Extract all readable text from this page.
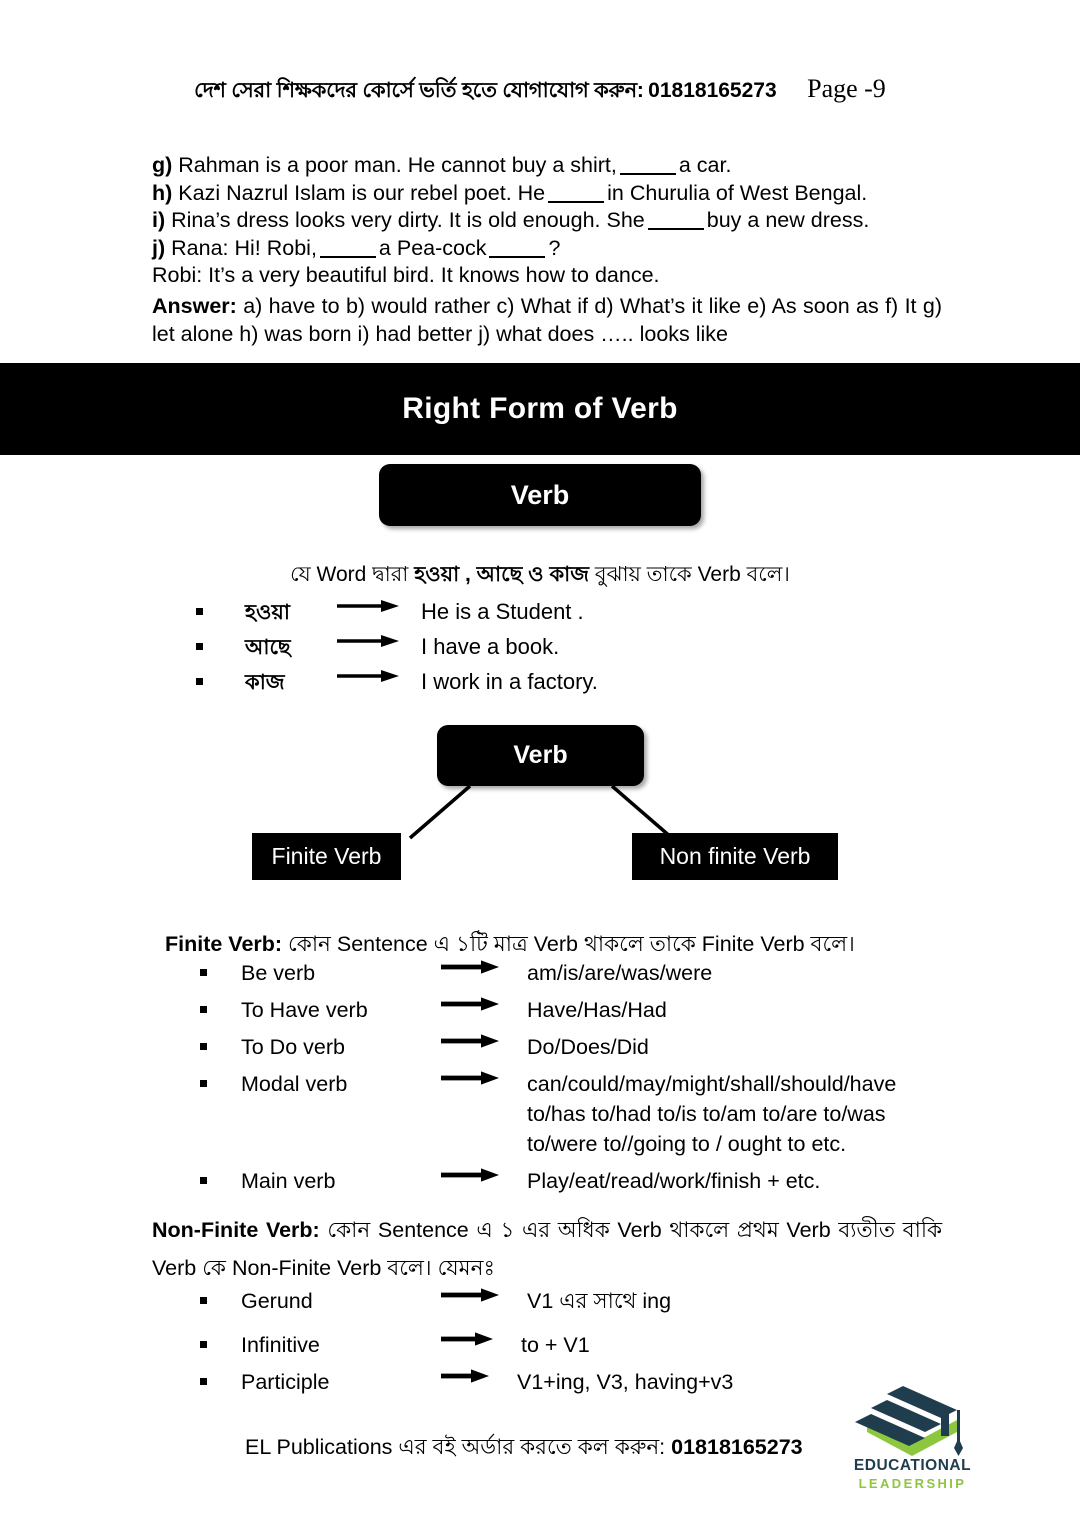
দেশ সেরা শিক্ষকদের কোর্সে ভর্তি হতে যোগাযোগ করুন: 01818165273 Page -9
g) Rahman is a poor man. He cannot buy a shirt,	a car.
h) Kazi Nazrul Islam is our rebel poet. He	in Churulia of West Bengal.
i) Rina’s dress looks very dirty. It is old enough. She	buy a new dress.
j) Rana: Hi! Robi,	a Pea-cock	?
Robi: It’s a very beautiful bird. It knows how to dance.
Answer: a) have to b) would rather c) What if d) What’s it like e) As soon as f) It g) let alone h) was born i) had better j) what does ….. looks like
Right Form of Verb
Verb
যে Word দ্বারা হওয়া , আছে ও কাজ বুঝায় তাকে Verb বলে।
হওয়া	He is a Student .
আছে	I have a book.
কাজ	I work in a factory.
Verb
Finite Verb	Non finite Verb
Finite Verb: কোন Sentence এ ১টি মাত্র Verb থাকলে তাকে Finite Verb বলে।
Be verb	am/is/are/was/were
To Have verb	Have/Has/Had
To Do verb	Do/Does/Did
Modal verb	can/could/may/might/shall/should/have to/has to/had to/is to/am to/are to/was to/were to//going to / ought to etc.
Main verb	Play/eat/read/work/finish + etc.
Non-Finite Verb: কোন Sentence এ ১ এর অধিক Verb থাকলে প্রথম Verb ব্যতীত বাকি Verb কে Non-Finite Verb বলে। যেমনঃ
Gerund	V1 এর সাথে ing
Infinitive	to + V1
Participle	V1+ing, V3, having+v3
EL Publications এর বই অর্ডার করতে কল করুন: 01818165273
EDUCATIONAL
LEADERSHIP
